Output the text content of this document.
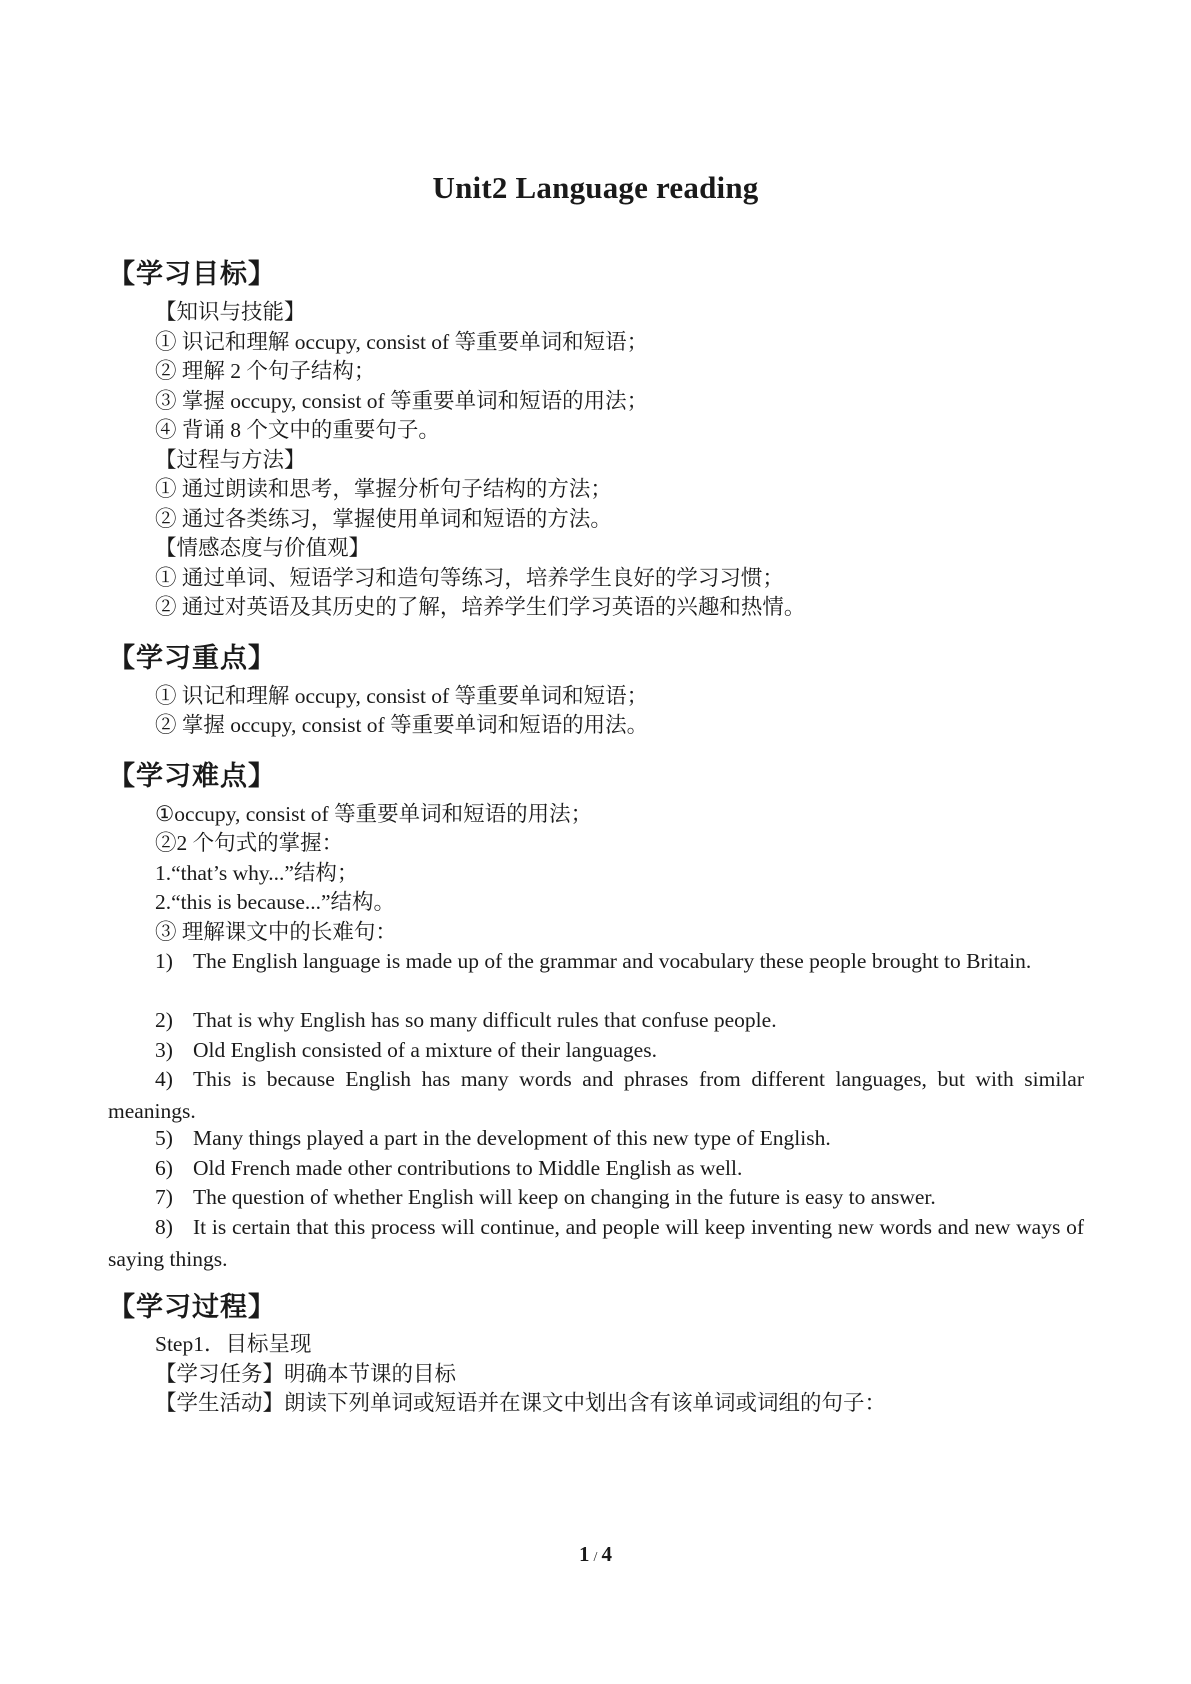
Unit2 Language reading
【学习目标】
【知识与技能】
① 识记和理解 occupy, consist of 等重要单词和短语；
② 理解 2 个句子结构；
③ 掌握 occupy, consist of 等重要单词和短语的用法；
④ 背诵 8 个文中的重要句子。
【过程与方法】
① 通过朗读和思考，掌握分析句子结构的方法；
② 通过各类练习，掌握使用单词和短语的方法。
【情感态度与价值观】
① 通过单词、短语学习和造句等练习，培养学生良好的学习习惯；
② 通过对英语及其历史的了解，培养学生们学习英语的兴趣和热情。
【学习重点】
① 识记和理解 occupy, consist of 等重要单词和短语；
② 掌握 occupy, consist of 等重要单词和短语的用法。
【学习难点】
①occupy, consist of 等重要单词和短语的用法；
②2 个句式的掌握：
1.“that’s why...”结构；
2.“this is because...”结构。
③ 理解课文中的长难句：
1) The English language is made up of the grammar and vocabulary these people brought to Britain.
2) That is why English has so many difficult rules that confuse people.
3) Old English consisted of a mixture of their languages.
4) This is because English has many words and phrases from different languages, but with similar meanings.
5) Many things played a part in the development of this new type of English.
6) Old French made other contributions to Middle English as well.
7) The question of whether English will keep on changing in the future is easy to answer.
8) It is certain that this process will continue, and people will keep inventing new words and new ways of saying things.
【学习过程】
Step1．目标呈现
【学习任务】明确本节课的目标
【学生活动】朗读下列单词或短语并在课文中划出含有该单词或词组的句子：
1 / 4
